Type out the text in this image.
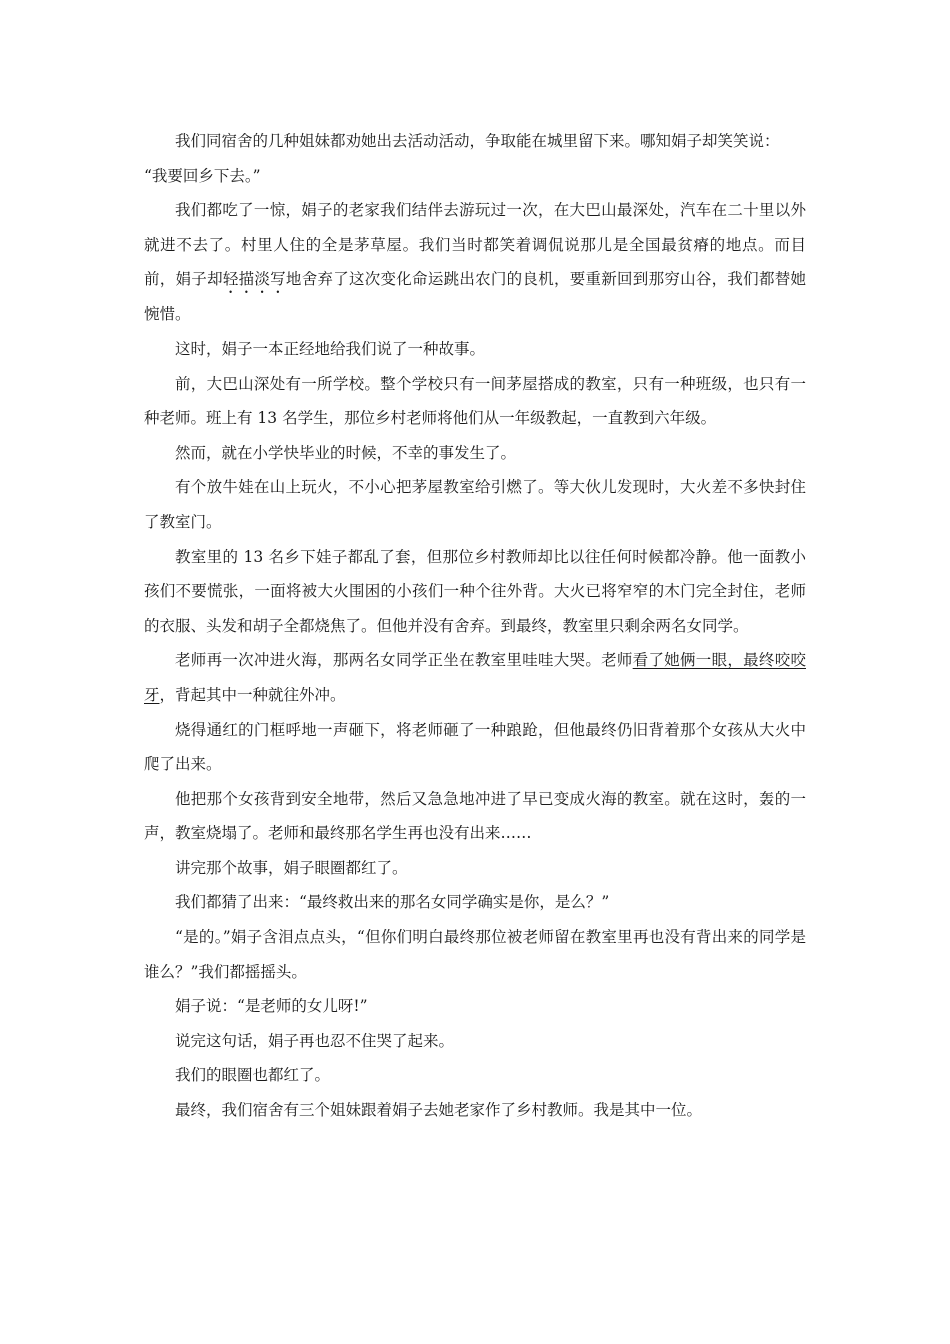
我们同宿舍的几种姐妹都劝她出去活动活动，争取能在城里留下来。哪知娟子却笑笑说：

“我要回乡下去。”

我们都吃了一惊，娟子的老家我们结伴去游玩过一次，在大巴山最深处，汽车在二十里以外就进不去了。村里人住的全是茅草屋。我们当时都笑着调侃说那儿是全国最贫瘠的地点。而目前，娟子却轻描淡写地舍弃了这次变化命运跳出农门的良机，要重新回到那穷山谷，我们都替她惋惜。

这时，娟子一本正经地给我们说了一种故事。

前，大巴山深处有一所学校。整个学校只有一间茅屋搭成的教室，只有一种班级，也只有一种老师。班上有 13 名学生，那位乡村老师将他们从一年级教起，一直教到六年级。

然而，就在小学快毕业的时候，不幸的事发生了。

有个放牛娃在山上玩火，不小心把茅屋教室给引燃了。等大伙儿发现时，大火差不多快封住了教室门。

教室里的 13 名乡下娃子都乱了套，但那位乡村教师却比以往任何时候都冷静。他一面教小孩们不要慌张，一面将被大火围困的小孩们一种个往外背。大火已将窄窄的木门完全封住，老师的衣服、头发和胡子全都烧焦了。但他并没有舍弃。到最终，教室里只剩余两名女同学。

老师再一次冲进火海，那两名女同学正坐在教室里哇哇大哭。老师看了她俩一眼，最终咬咬牙，背起其中一种就往外冲。

烧得通红的门框呼地一声砸下，将老师砸了一种踉跄，但他最终仍旧背着那个女孩从大火中爬了出来。

他把那个女孩背到安全地带，然后又急急地冲进了早已变成火海的教室。就在这时，轰的一声，教室烧塌了。老师和最终那名学生再也没有出来……

讲完那个故事，娟子眼圈都红了。

我们都猜了出来：“最终救出来的那名女同学确实是你，是么？”

“是的。”娟子含泪点点头，“但你们明白最终那位被老师留在教室里再也没有背出来的同学是谁么？”我们都摇摇头。

娟子说：“是老师的女儿呀!”

说完这句话，娟子再也忍不住哭了起来。

我们的眼圈也都红了。

最终，我们宿舍有三个姐妹跟着娟子去她老家作了乡村教师。我是其中一位。
